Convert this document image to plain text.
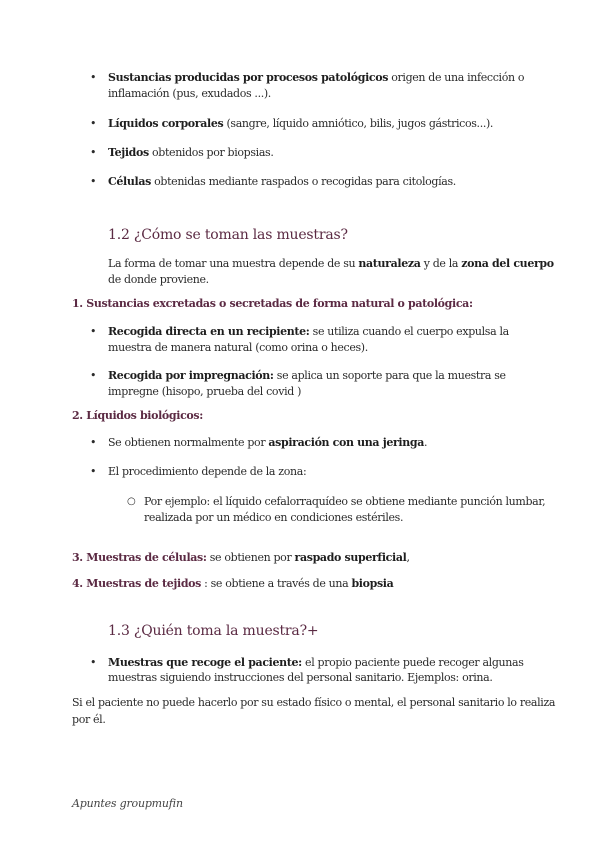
• Sustancias producidas por procesos patológicos origen de una infección o
inflamación (pus, exudados ...).
• Líquidos corporales (sangre, líquido amniótico, bilis, jugos gástricos...).
• Tejidos obtenidos por biopsias.
• Células obtenidas mediante raspados o recogidas para citologías.
1.2 ¿Cómo se toman las muestras?
La forma de tomar una muestra depende de su naturaleza y de la zona del cuerpo
de donde proviene.
1. Sustancias excretadas o secretadas de forma natural o patológica:
• Recogida directa en un recipiente: se utiliza cuando el cuerpo expulsa la
muestra de manera natural (como orina o heces).
• Recogida por impregnación: se aplica un soporte para que la muestra se
impregne (hisopo, prueba del covid )
2. Líquidos biológicos:
• Se obtienen normalmente por aspiración con una jeringa.
• El procedimiento depende de la zona:
○ Por ejemplo: el líquido cefalorraquídeo se obtiene mediante punción lumbar,
realizada por un médico en condiciones estériles.
3. Muestras de células: se obtienen por raspado superficial,
4. Muestras de tejidos : se obtiene a través de una biopsia
1.3 ¿Quién toma la muestra?+
• Muestras que recoge el paciente: el propio paciente puede recoger algunas
muestras siguiendo instrucciones del personal sanitario. Ejemplos: orina.
Si el paciente no puede hacerlo por su estado físico o mental, el personal sanitario lo realiza
por él.
Apuntes groupmufin
